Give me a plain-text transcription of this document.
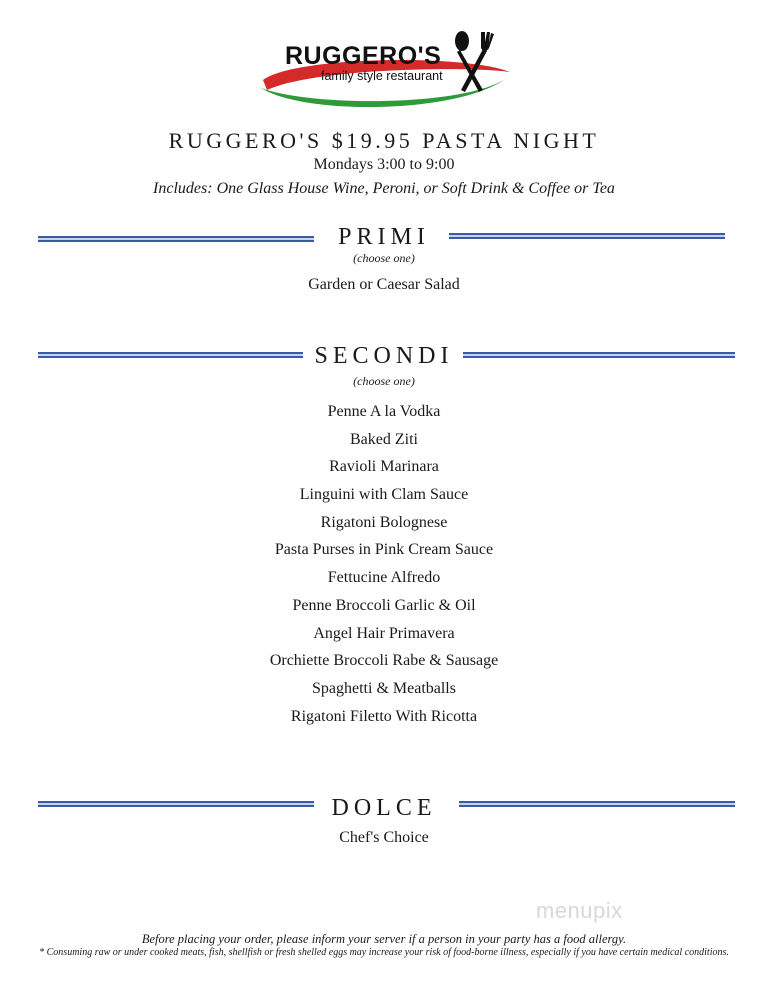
RUGGERO'S
family style restaurant
RUGGERO'S $19.95 PASTA NIGHT
Mondays 3:00 to 9:00
Includes: One Glass House Wine, Peroni, or Soft Drink & Coffee or Tea
PRIMI
(choose one)
Garden or Caesar Salad
SECONDI
(choose one)
Penne A la Vodka
Baked Ziti
Ravioli Marinara
Linguini with Clam Sauce
Rigatoni Bolognese
Pasta Purses in Pink Cream Sauce
Fettucine Alfredo
Penne Broccoli Garlic & Oil
Angel Hair Primavera
Orchiette Broccoli Rabe & Sausage
Spaghetti & Meatballs
Rigatoni Filetto With Ricotta
DOLCE
Chef's Choice
menupix
Before placing your order, please inform your server if a person in your party has a food allergy.
* Consuming raw or under cooked meats, fish, shellfish or fresh shelled eggs may increase your risk of food-borne illness, especially if you have certain medical conditions.
